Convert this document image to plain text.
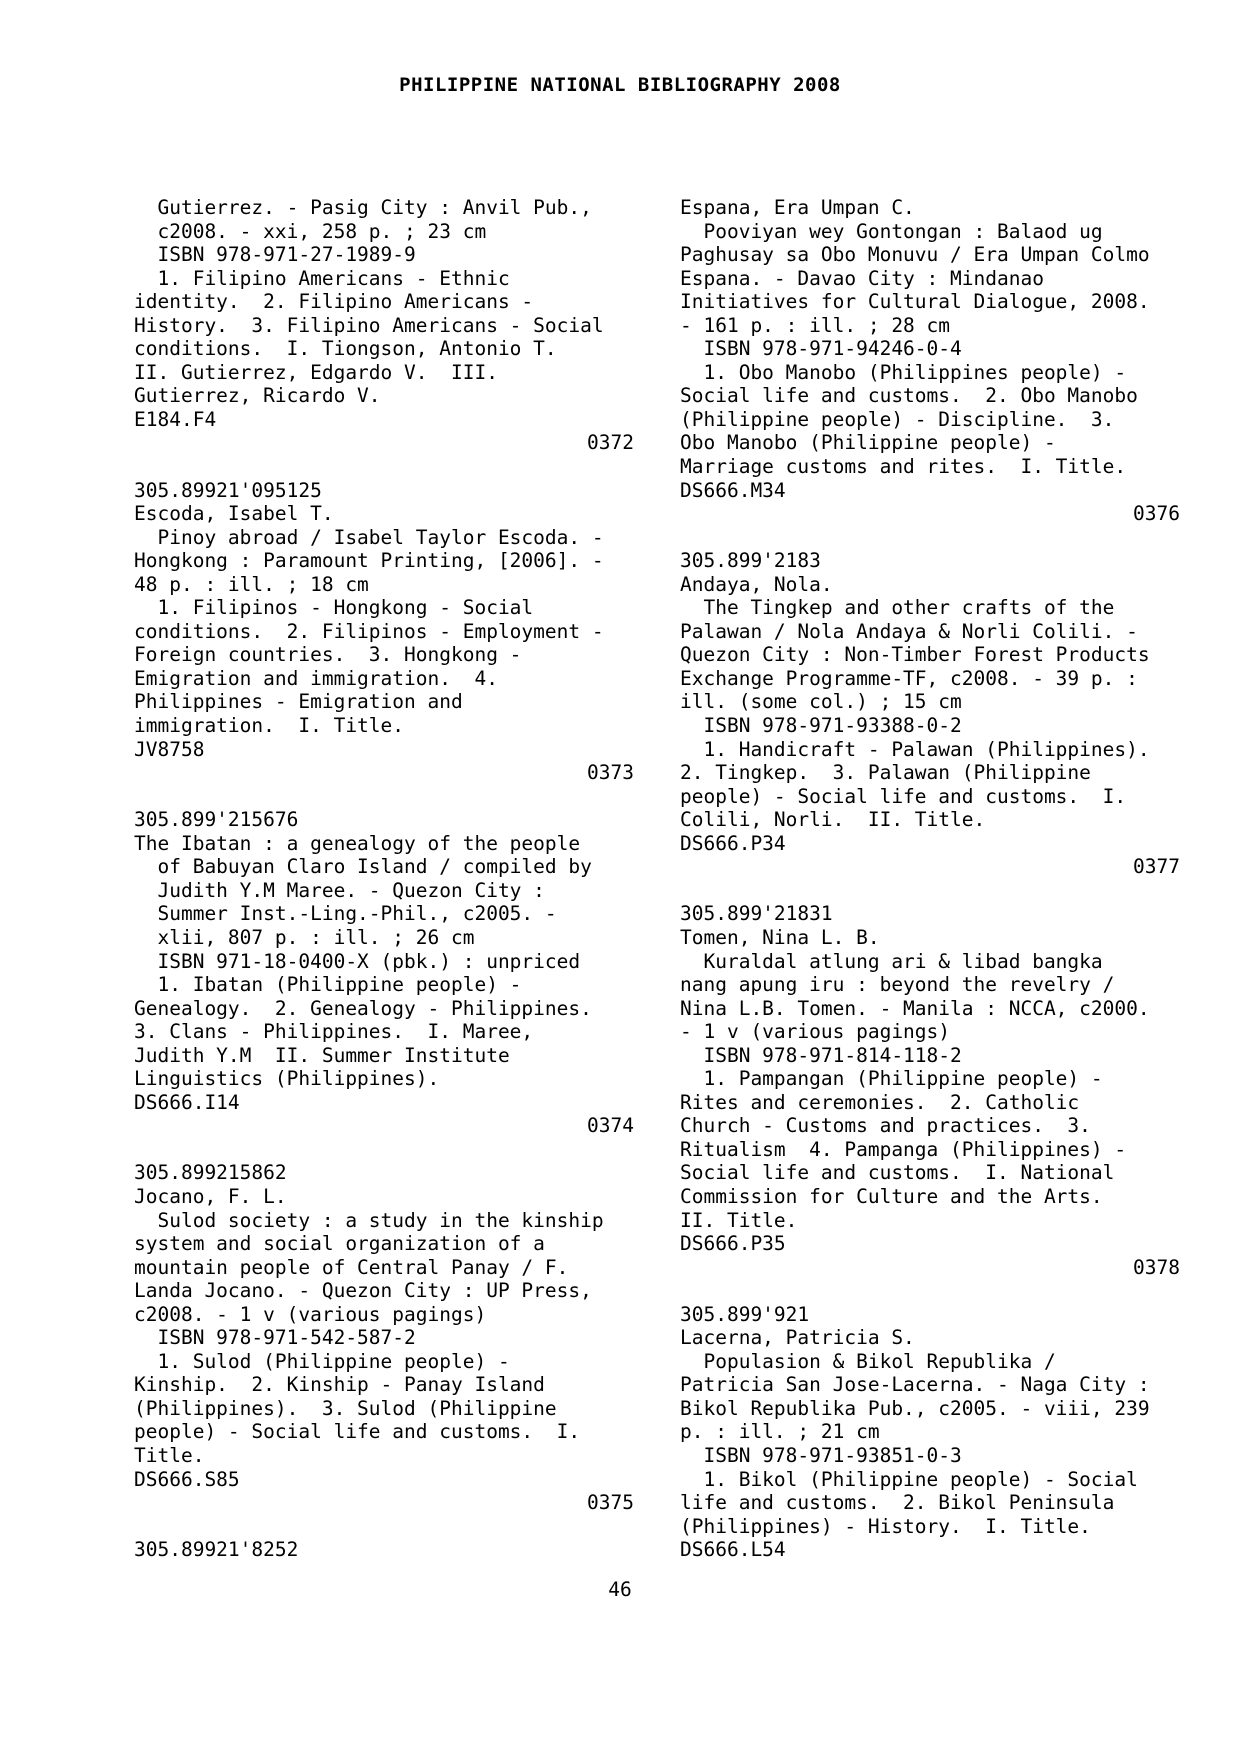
PHILIPPINE NATIONAL BIBLIOGRAPHY 2008
Gutierrez. - Pasig City : Anvil Pub.,
c2008. - xxi, 258 p. ; 23 cm
ISBN 978-971-27-1989-9
1. Filipino Americans - Ethnic
identity.  2. Filipino Americans -
History.  3. Filipino Americans - Social
conditions.  I. Tiongson, Antonio T.
II. Gutierrez, Edgardo V.  III.
Gutierrez, Ricardo V.
E184.F4
0372
305.89921'095125
Escoda, Isabel T.
Pinoy abroad / Isabel Taylor Escoda. -
Hongkong : Paramount Printing, [2006]. -
48 p. : ill. ; 18 cm
1. Filipinos - Hongkong - Social
conditions.  2. Filipinos - Employment -
Foreign countries.  3. Hongkong -
Emigration and immigration.  4.
Philippines - Emigration and
immigration.  I. Title.
JV8758
0373
305.899'215676
The Ibatan : a genealogy of the people
of Babuyan Claro Island / compiled by
Judith Y.M Maree. - Quezon City :
Summer Inst.-Ling.-Phil., c2005. -
xlii, 807 p. : ill. ; 26 cm
ISBN 971-18-0400-X (pbk.) : unpriced
1. Ibatan (Philippine people) -
Genealogy.  2. Genealogy - Philippines.
3. Clans - Philippines.  I. Maree,
Judith Y.M  II. Summer Institute
Linguistics (Philippines).
DS666.I14
0374
305.899215862
Jocano, F. L.
Sulod society : a study in the kinship
system and social organization of a
mountain people of Central Panay / F.
Landa Jocano. - Quezon City : UP Press,
c2008. - 1 v (various pagings)
ISBN 978-971-542-587-2
1. Sulod (Philippine people) -
Kinship.  2. Kinship - Panay Island
(Philippines).  3. Sulod (Philippine
people) - Social life and customs.  I.
Title.
DS666.S85
0375
305.89921'8252
Espana, Era Umpan C.
Pooviyan wey Gontongan : Balaod ug
Paghusay sa Obo Monuvu / Era Umpan Colmo
Espana. - Davao City : Mindanao
Initiatives for Cultural Dialogue, 2008.
- 161 p. : ill. ; 28 cm
ISBN 978-971-94246-0-4
1. Obo Manobo (Philippines people) -
Social life and customs.  2. Obo Manobo
(Philippine people) - Discipline.  3.
Obo Manobo (Philippine people) -
Marriage customs and rites.  I. Title.
DS666.M34
0376
305.899'2183
Andaya, Nola.
The Tingkep and other crafts of the
Palawan / Nola Andaya & Norli Colili. -
Quezon City : Non-Timber Forest Products
Exchange Programme-TF, c2008. - 39 p. :
ill. (some col.) ; 15 cm
ISBN 978-971-93388-0-2
1. Handicraft - Palawan (Philippines).
2. Tingkep.  3. Palawan (Philippine
people) - Social life and customs.  I.
Colili, Norli.  II. Title.
DS666.P34
0377
305.899'21831
Tomen, Nina L. B.
Kuraldal atlung ari & libad bangka
nang apung iru : beyond the revelry /
Nina L.B. Tomen. - Manila : NCCA, c2000.
- 1 v (various pagings)
ISBN 978-971-814-118-2
1. Pampangan (Philippine people) -
Rites and ceremonies.  2. Catholic
Church - Customs and practices.  3.
Ritualism  4. Pampanga (Philippines) -
Social life and customs.  I. National
Commission for Culture and the Arts.
II. Title.
DS666.P35
0378
305.899'921
Lacerna, Patricia S.
Populasion & Bikol Republika /
Patricia San Jose-Lacerna. - Naga City :
Bikol Republika Pub., c2005. - viii, 239
p. : ill. ; 21 cm
ISBN 978-971-93851-0-3
1. Bikol (Philippine people) - Social
life and customs.  2. Bikol Peninsula
(Philippines) - History.  I. Title.
DS666.L54
46
